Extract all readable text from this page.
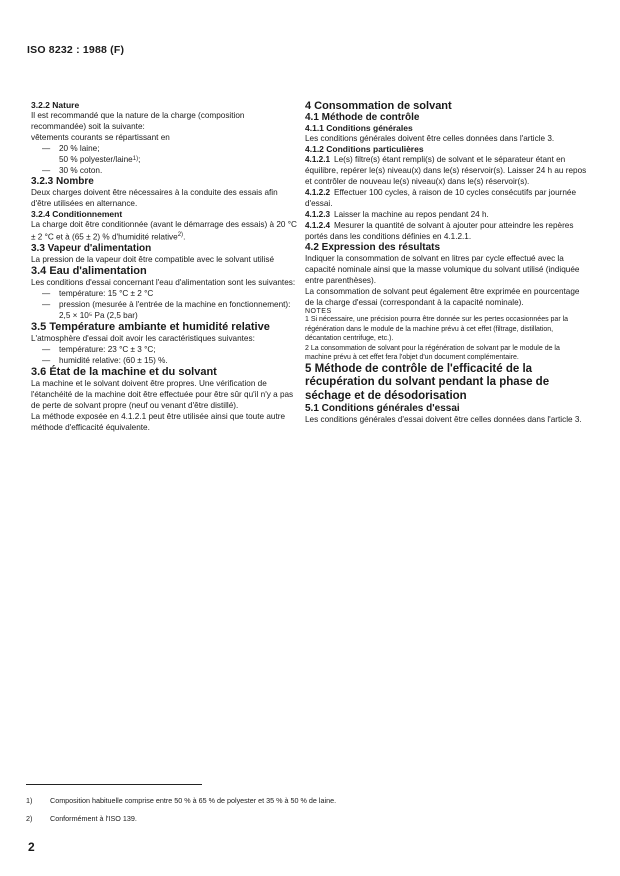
ISO 8232 : 1988 (F)
3.2.2 Nature

Il est recommandé que la nature de la charge (composition recommandée) soit la suivante:

vêtements courants se répartissant en

—	20 % laine;
50 % polyester/laine 1) ;
—	30 % coton.
3.2.3 Nombre

Deux charges doivent être nécessaires à la conduite des essais afin d'être utilisées en alternance.

3.2.4 Conditionnement

La charge doit être conditionnée (avant le démarrage des essais) à 20 °C ± 2 °C et à (65 ± 2) % d'humidité relative$^{2)}$.

3.3 Vapeur d'alimentation

La pression de la vapeur doit être compatible avec le solvant utilisé

3.4 Eau d'alimentation

Les conditions d'essai concernant l'eau d'alimentation sont les suivantes:

—	température: 15 °C ± 2 °C
—	pression (mesurée à l'entrée de la machine en fonctionnement): 2,5 × 10⁵ Pa (2,5 bar)
3.5 Température ambiante et humidité relative

L'atmosphère d'essai doit avoir les caractéristiques suivantes:

—	température: 23 °C ± 3 °C;
—	humidité relative: (60 ± 15) %.
3.6 État de la machine et du solvant

La machine et le solvant doivent être propres. Une vérification de l'étanchéité de la machine doit être effectuée pour être sûr qu'il n'y a pas de perte de solvant propre (neuf ou venant d'être distillé).

La méthode exposée en 4.1.2.1 peut être utilisée ainsi que toute autre méthode d'efficacité équivalente.

4 Consommation de solvant
4.1 Méthode de contrôle
4.1.1 Conditions générales

Les conditions générales doivent être celles données dans l'article 3.

4.1.2 Conditions particulières

4.1.2.1 Le(s) filtre(s) étant rempli(s) de solvant et le séparateur étant en équilibre, repérer le(s) niveau(x) dans le(s) réservoir(s). Laisser 24 h au repos et contrôler de nouveau le(s) niveau(x) dans le(s) réservoir(s).

4.1.2.2 Effectuer 100 cycles, à raison de 10 cycles consécutifs par journée d'essai.

4.1.2.3 Laisser la machine au repos pendant 24 h.

4.1.2.4 Mesurer la quantité de solvant à ajouter pour atteindre les repères portés dans les conditions définies en 4.1.2.1.

4.2 Expression des résultats

Indiquer la consommation de solvant en litres par cycle effectué avec la capacité nominale ainsi que la masse volumique du solvant utilisé (indiquée entre parenthèses).

La consommation de solvant peut également être exprimée en pourcentage de la charge d'essai (correspondant à la capacité nominale).

NOTES

1 Si nécessaire, une précision pourra être donnée sur les pertes occasionnées par la régénération dans le module de la machine prévu à cet effet (filtrage, distillation, décantation centrifuge, etc.).

2 La consommation de solvant pour la régénération de solvant par le module de la machine prévu à cet effet fera l'objet d'un document complémentaire.

5 Méthode de contrôle de l'efficacité de la récupération du solvant pendant la phase de séchage et de désodorisation
5.1 Conditions générales d'essai

Les conditions générales d'essai doivent être celles données dans l'article 3.

1) Composition habituelle comprise entre 50 % à 65 % de polyester et 35 % à 50 % de laine.
2) Conformément à l'ISO 139.
2
